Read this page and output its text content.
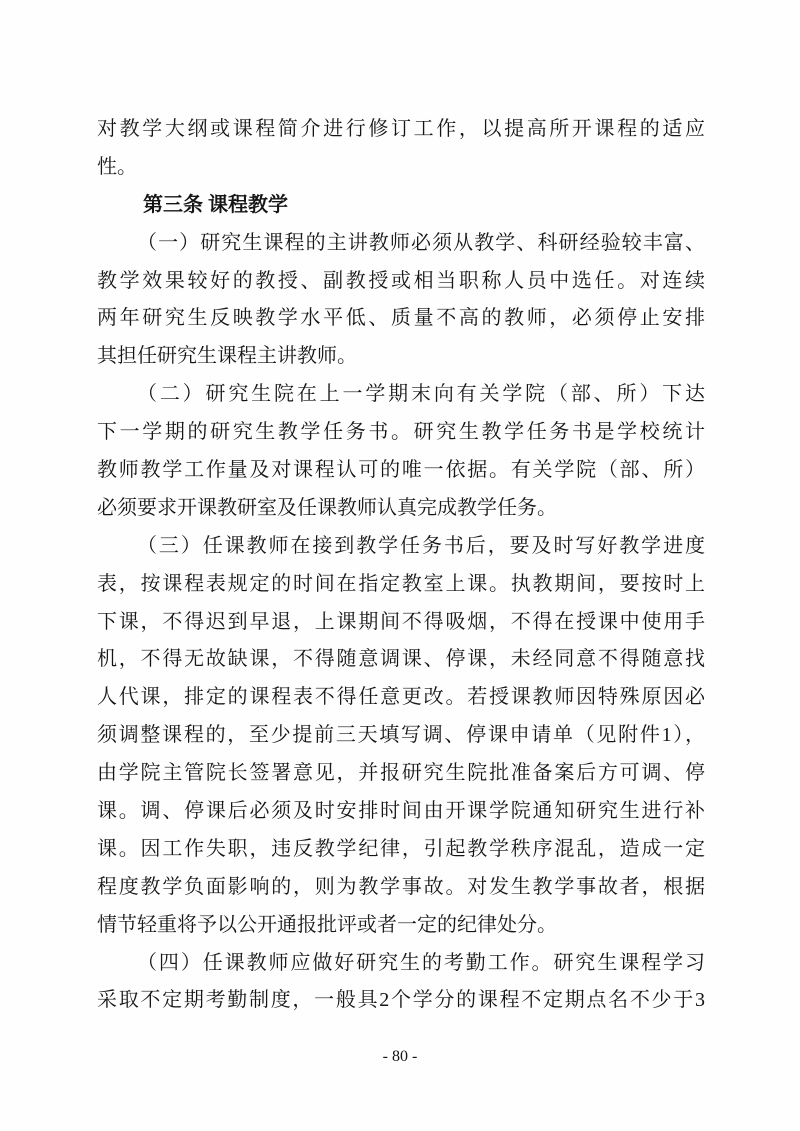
对教学大纲或课程简介进行修订工作，以提高所开课程的适应
性。
第三条 课程教学
（一）研究生课程的主讲教师必须从教学、科研经验较丰富、
教学效果较好的教授、副教授或相当职称人员中选任。对连续
两年研究生反映教学水平低、质量不高的教师，必须停止安排
其担任研究生课程主讲教师。
（二）研究生院在上一学期末向有关学院（部、所）下达
下一学期的研究生教学任务书。研究生教学任务书是学校统计
教师教学工作量及对课程认可的唯一依据。有关学院（部、所）
必须要求开课教研室及任课教师认真完成教学任务。
（三）任课教师在接到教学任务书后，要及时写好教学进度
表，按课程表规定的时间在指定教室上课。执教期间，要按时上
下课，不得迟到早退，上课期间不得吸烟，不得在授课中使用手
机，不得无故缺课，不得随意调课、停课，未经同意不得随意找
人代课，排定的课程表不得任意更改。若授课教师因特殊原因必
须调整课程的，至少提前三天填写调、停课申请单（见附件1），
由学院主管院长签署意见，并报研究生院批准备案后方可调、停
课。调、停课后必须及时安排时间由开课学院通知研究生进行补
课。因工作失职，违反教学纪律，引起教学秩序混乱，造成一定
程度教学负面影响的，则为教学事故。对发生教学事故者，根据
情节轻重将予以公开通报批评或者一定的纪律处分。
（四）任课教师应做好研究生的考勤工作。研究生课程学习
采取不定期考勤制度，一般具2个学分的课程不定期点名不少于3
- 80 -
